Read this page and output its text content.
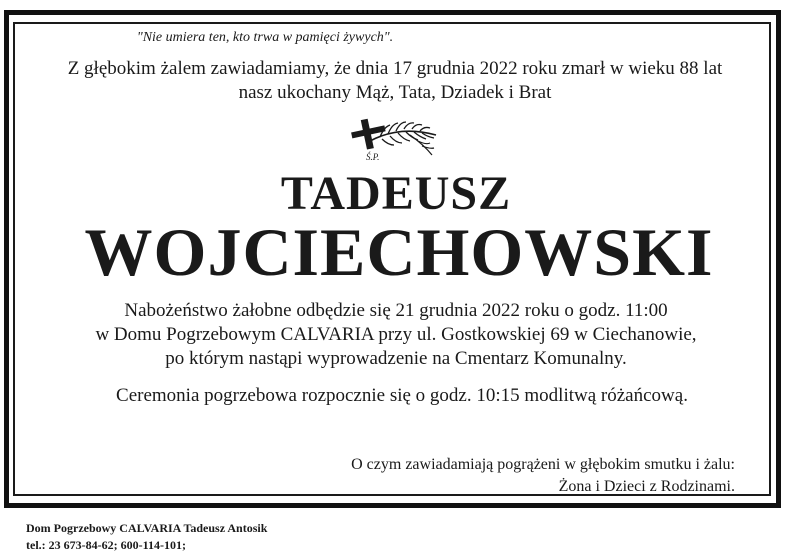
"Nie umiera ten, kto trwa w pamięci żywych".

Z głębokim żalem zawiadamiamy, że dnia 17 grudnia 2022 roku zmarł w wieku 88 lat

nasz ukochany Mąż, Tata, Dziadek i Brat

Ś.P.

TADEUSZ

WOJCIECHOWSKI

Nabożeństwo żałobne odbędzie się 21 grudnia 2022 roku o godz. 11:00

w Domu Pogrzebowym CALVARIA przy ul. Gostkowskiej 69 w Ciechanowie,

po którym nastąpi wyprowadzenie na Cmentarz Komunalny.

Ceremonia pogrzebowa rozpocznie się o godz. 10:15 modlitwą różańcową.

O czym zawiadamiają pogrążeni w głębokim smutku i żalu:

Żona i Dzieci z Rodzinami.

Dom Pogrzebowy CALVARIA Tadeusz Antosik

tel.: 23 673-84-62; 600-114-101;
